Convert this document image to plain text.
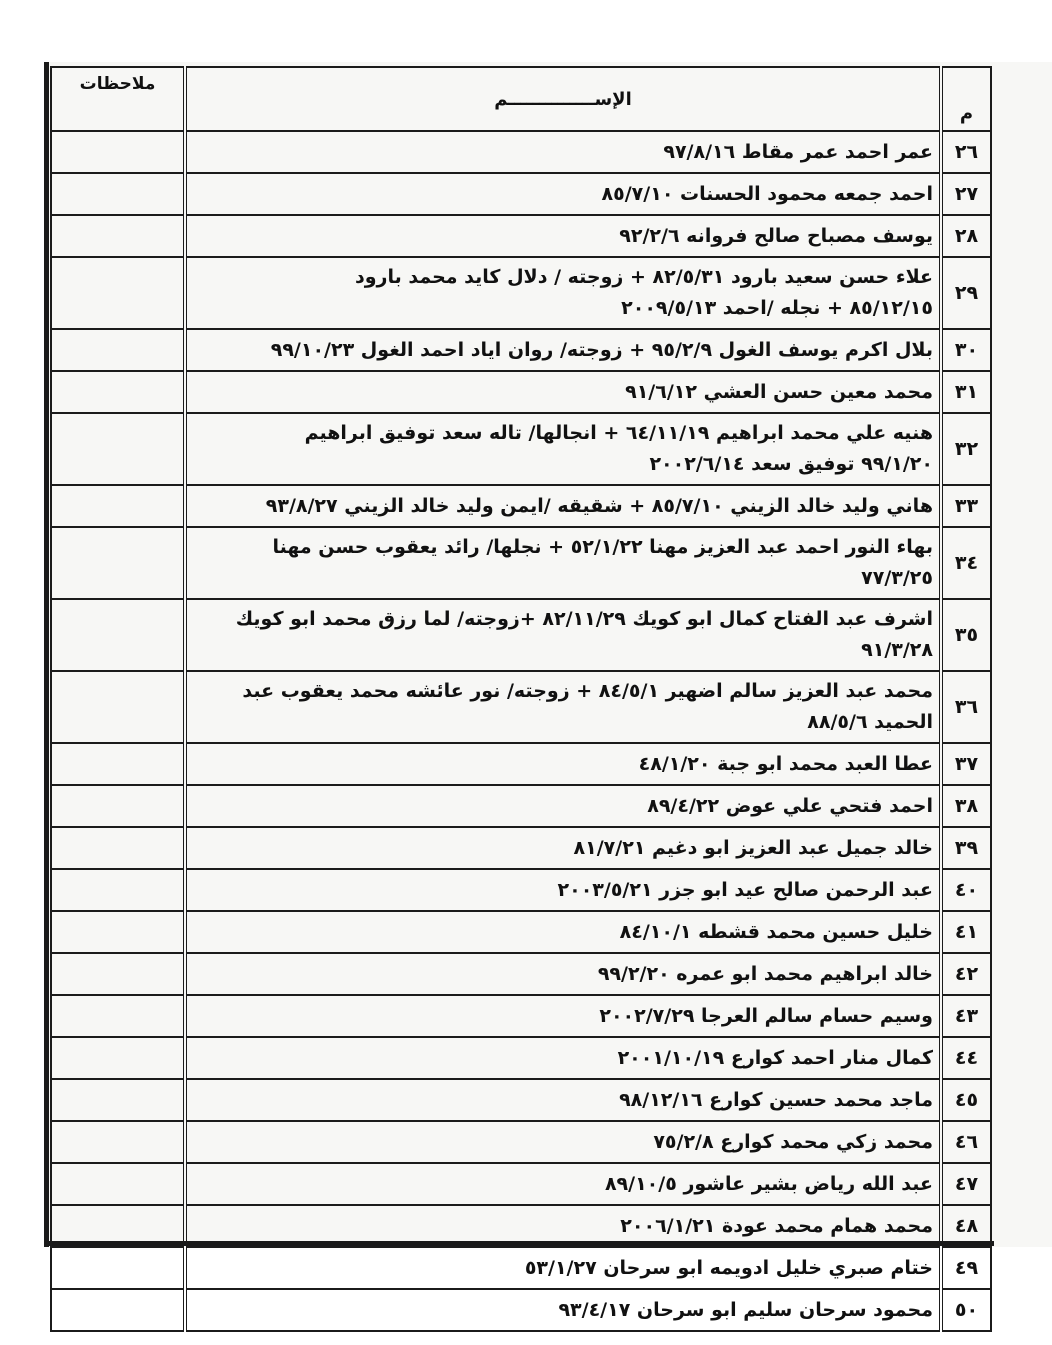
م	الإســــــــــــــم	ملاحظات
٢٦	عمر احمد عمر مقاط ٩٧/٨/١٦	

٢٧	احمد جمعه محمود الحسنات ٨٥/٧/١٠	

٢٨	يوسف مصباح صالح فروانه ٩٢/٢/٦	

٢٩	علاء حسن سعيد بارود ٨٢/٥/٣١ + زوجته / دلال كايد محمد بارود
٨٥/١٢/١٥ + نجله /احمد ٢٠٠٩/٥/١٣	

٣٠	بلال اكرم يوسف الغول ٩٥/٢/٩ + زوجته/ روان اياد احمد الغول ٩٩/١٠/٢٣	

٣١	محمد معين حسن العشي ٩١/٦/١٢	

٣٢	هنيه علي محمد ابراهيم ٦٤/١١/١٩ + انجالها/ تاله سعد توفيق ابراهيم
٩٩/١/٢٠ توفيق سعد ٢٠٠٢/٦/١٤	

٣٣	هاني وليد خالد الزيني ٨٥/٧/١٠ + شقيقه /ايمن وليد خالد الزيني ٩٣/٨/٢٧	

٣٤	بهاء النور احمد عبد العزيز مهنا ٥٢/١/٢٢ + نجلها/ رائد يعقوب حسن مهنا
٧٧/٣/٢٥	

٣٥	اشرف عبد الفتاح كمال ابو كويك ٨٢/١١/٢٩ +زوجته/ لما رزق محمد ابو كويك
٩١/٣/٢٨	

٣٦	محمد عبد العزيز سالم اضهير ٨٤/٥/١ + زوجته/ نور عائشه محمد يعقوب عبد
الحميد ٨٨/٥/٦	

٣٧	عطا العبد محمد ابو جبة ٤٨/١/٢٠	

٣٨	احمد فتحي علي عوض ٨٩/٤/٢٢	

٣٩	خالد جميل عبد العزيز ابو دغيم ٨١/٧/٢١	

٤٠	عبد الرحمن صالح عيد ابو جزر ٢٠٠٣/٥/٢١	

٤١	خليل حسين محمد قشطه ٨٤/١٠/١	

٤٢	خالد ابراهيم محمد ابو عمره ٩٩/٢/٢٠	

٤٣	وسيم حسام سالم العرجا ٢٠٠٢/٧/٢٩	

٤٤	كمال منار احمد كوارع ٢٠٠١/١٠/١٩	

٤٥	ماجد محمد حسين كوارع ٩٨/١٢/١٦	

٤٦	محمد زكي محمد كوارع ٧٥/٢/٨	

٤٧	عبد الله رياض بشير عاشور ٨٩/١٠/٥	

٤٨	محمد همام محمد عودة ٢٠٠٦/١/٢١	

٤٩	ختام صبري خليل ادويمه ابو سرحان ٥٣/١/٢٧	

٥٠	محمود سرحان سليم ابو سرحان ٩٣/٤/١٧	
